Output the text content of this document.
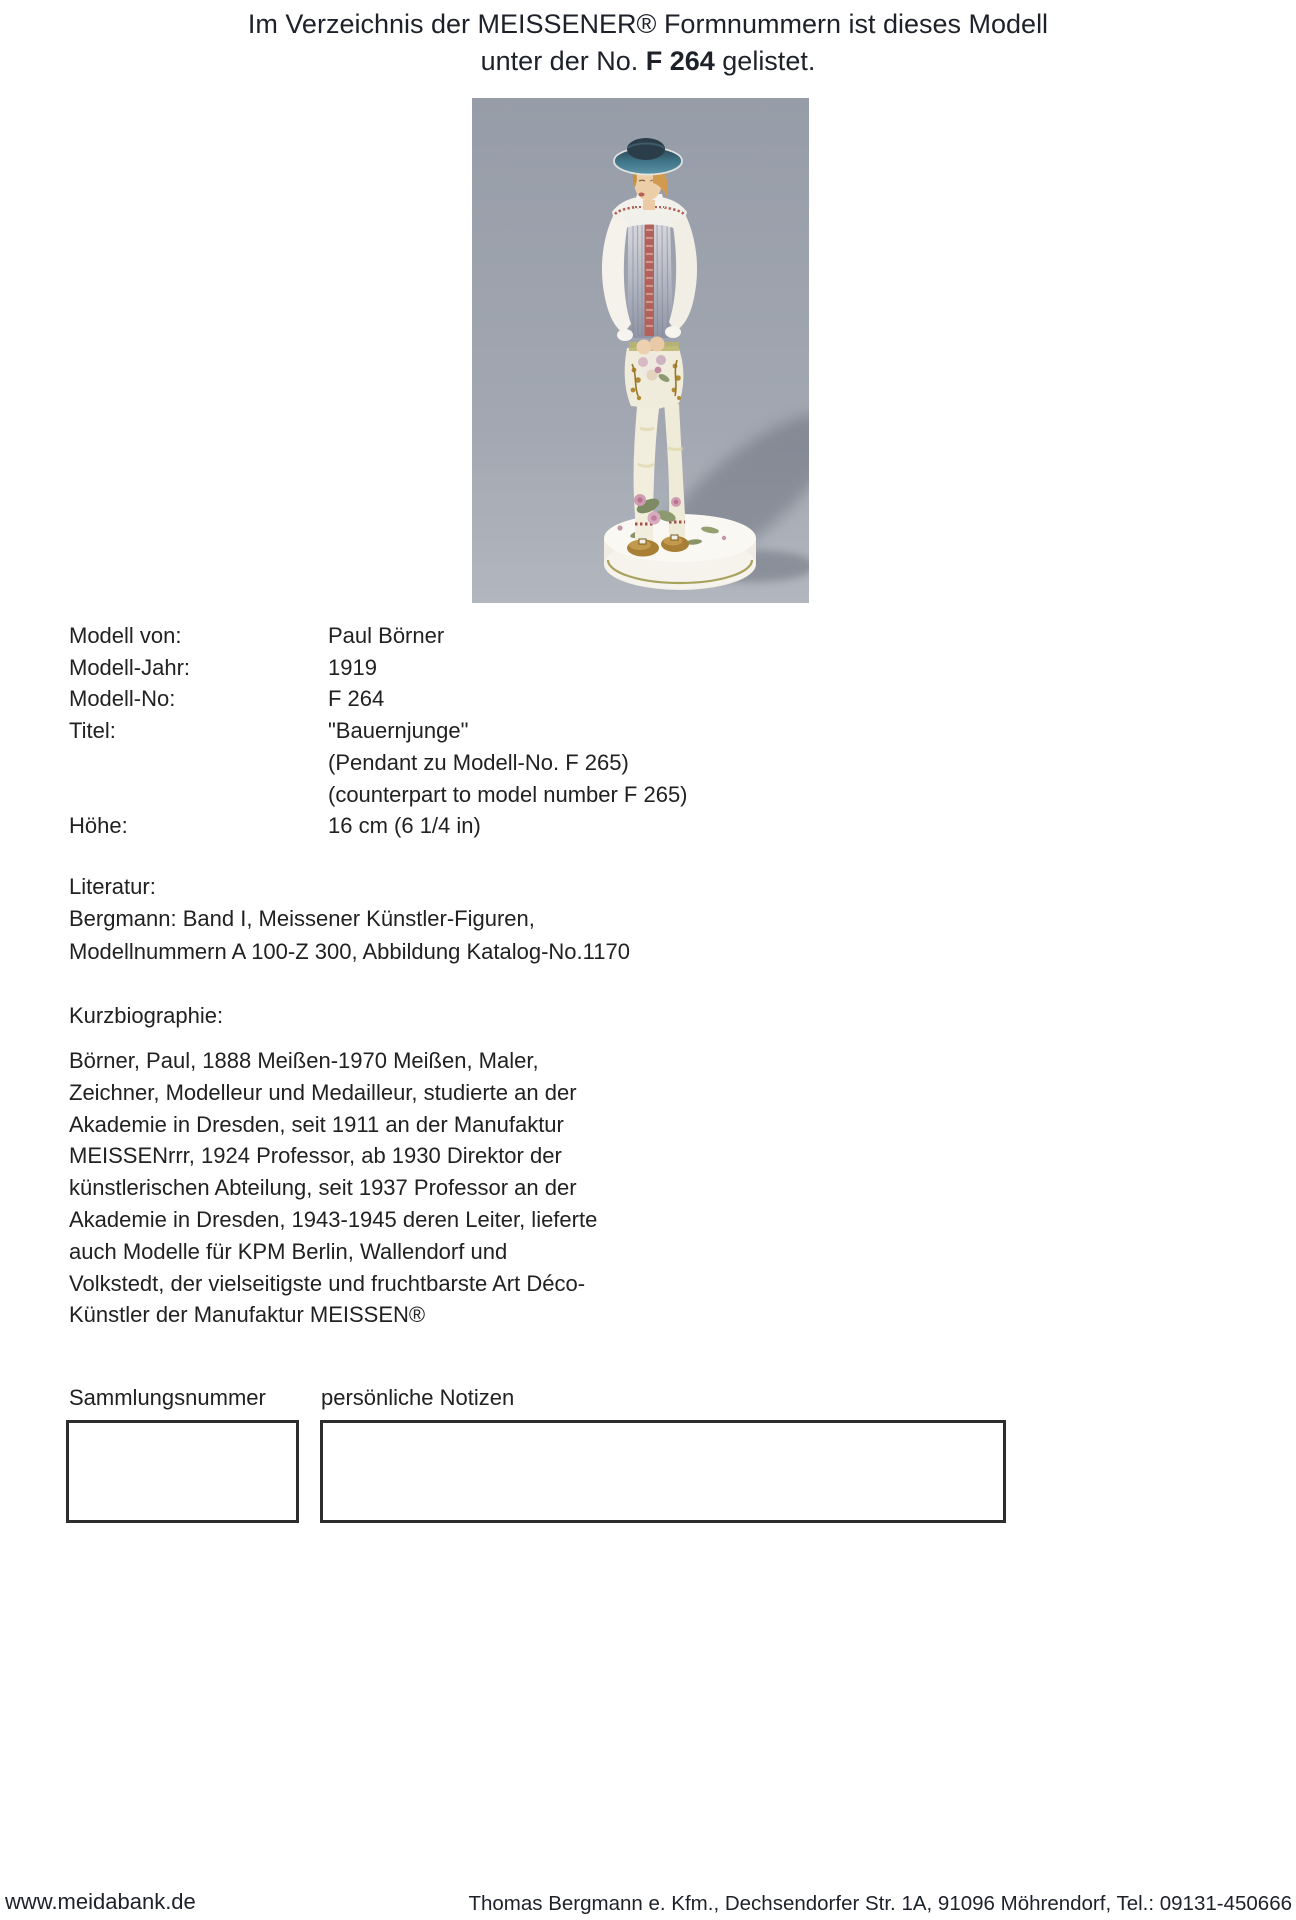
Im Verzeichnis der MEISSENER® Formnummern ist dieses Modell
unter der No. F 264 gelistet.
Modell von:	Paul Börner
Modell-Jahr:	1919
Modell-No:	F 264
Titel:	"Bauernjunge"
(Pendant zu Modell-No. F 265)
(counterpart to model number F 265)
Höhe:	16 cm (6 1/4 in)
Literatur:
Bergmann: Band I, Meissener Künstler-Figuren,
Modellnummern A 100-Z 300, Abbildung Katalog-No.1170
Kurzbiographie:
Börner, Paul, 1888 Meißen-1970 Meißen, Maler,
Zeichner, Modelleur und Medailleur, studierte an der
Akademie in Dresden, seit 1911 an der Manufaktur
MEISSENrrr, 1924 Professor, ab 1930 Direktor der
künstlerischen Abteilung, seit 1937 Professor an der
Akademie in Dresden, 1943-1945 deren Leiter, lieferte
auch Modelle für KPM Berlin, Wallendorf und
Volkstedt, der vielseitigste und fruchtbarste Art Déco-
Künstler der Manufaktur MEISSEN®
Sammlungsnummer	persönliche Notizen
www.meidabank.de	Thomas Bergmann e. Kfm., Dechsendorfer Str. 1A, 91096 Möhrendorf, Tel.: 09131-450666
